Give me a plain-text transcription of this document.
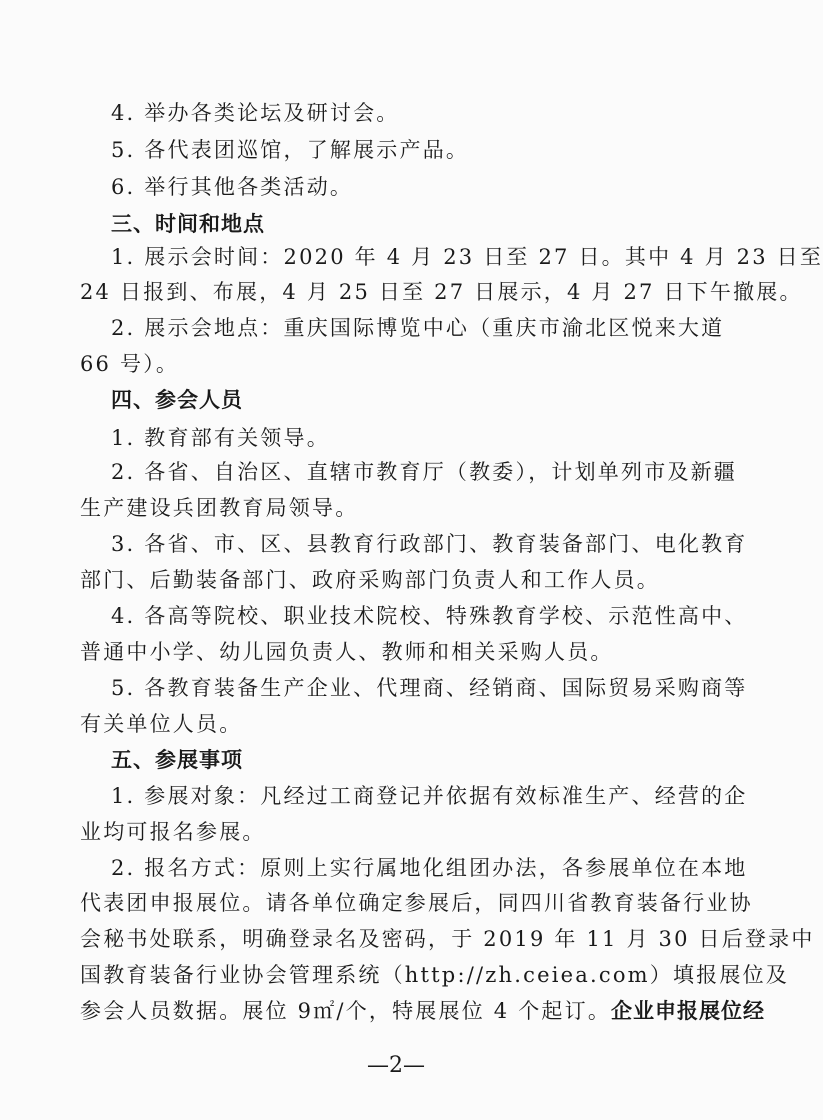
4. 举办各类论坛及研讨会。
5. 各代表团巡馆，了解展示产品。
6. 举行其他各类活动。
三、时间和地点
1. 展示会时间：2020 年 4 月 23 日至 27 日。其中 4 月 23 日至
24 日报到、布展，4 月 25 日至 27 日展示，4 月 27 日下午撤展。
2. 展示会地点：重庆国际博览中心（重庆市渝北区悦来大道
66 号）。
四、参会人员
1. 教育部有关领导。
2. 各省、自治区、直辖市教育厅（教委），计划单列市及新疆
生产建设兵团教育局领导。
3. 各省、市、区、县教育行政部门、教育装备部门、电化教育
部门、后勤装备部门、政府采购部门负责人和工作人员。
4. 各高等院校、职业技术院校、特殊教育学校、示范性高中、
普通中小学、幼儿园负责人、教师和相关采购人员。
5. 各教育装备生产企业、代理商、经销商、国际贸易采购商等
有关单位人员。
五、参展事项
1. 参展对象：凡经过工商登记并依据有效标准生产、经营的企
业均可报名参展。
2. 报名方式：原则上实行属地化组团办法，各参展单位在本地
代表团申报展位。请各单位确定参展后，同四川省教育装备行业协
会秘书处联系，明确登录名及密码，于 2019 年 11 月 30 日后登录中
国教育装备行业协会管理系统（http://zh.ceiea.com）填报展位及
参会人员数据。展位 9㎡/个，特展展位 4 个起订。企业申报展位经
—2—
